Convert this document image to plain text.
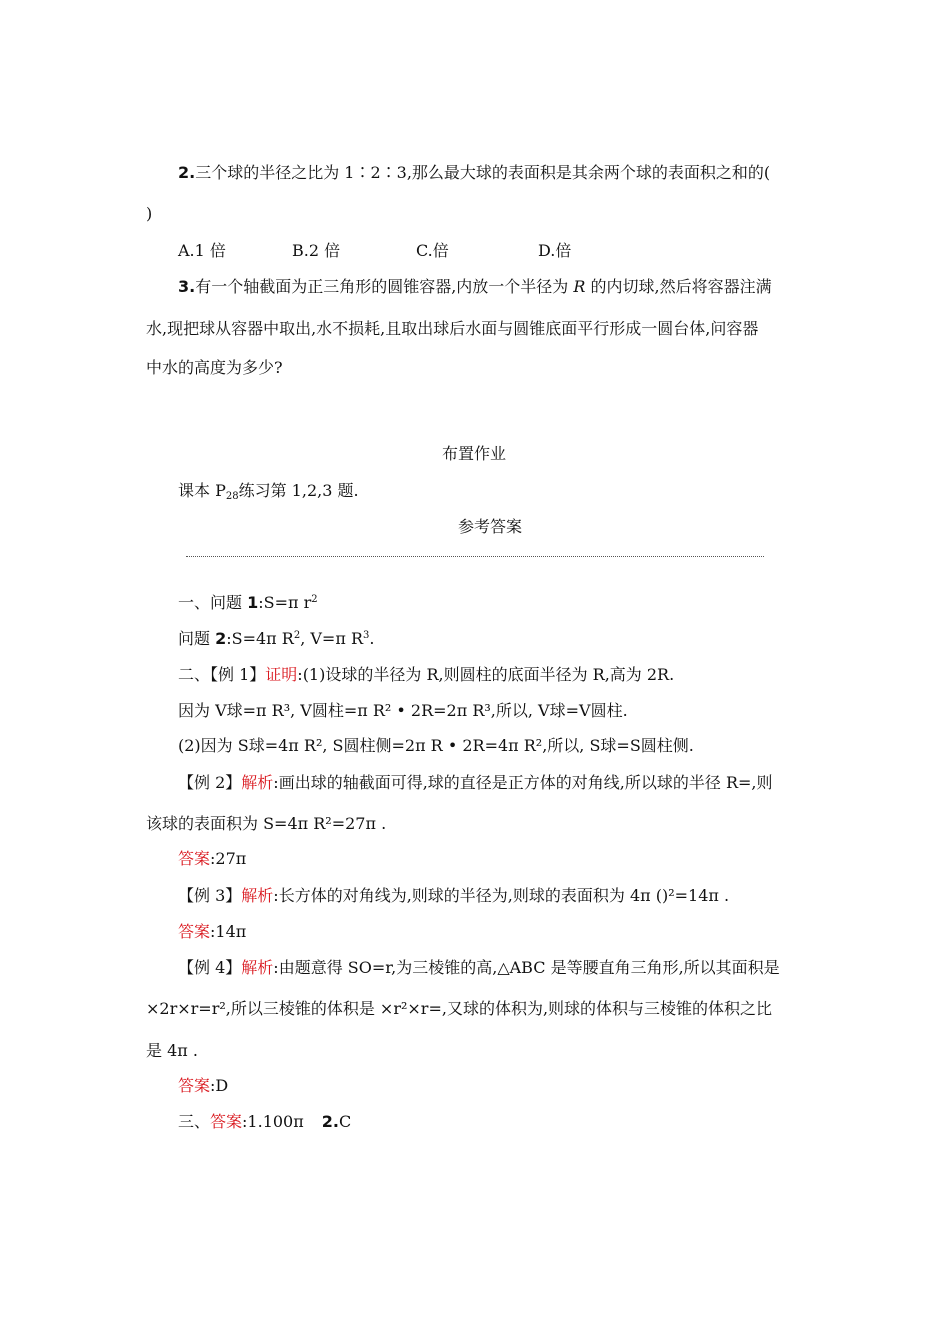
2.三个球的半径之比为 1∶2∶3,那么最大球的表面积是其余两个球的表面积之和的(
)
A.1 倍	B.2 倍	C.倍	D.倍
3.有一个轴截面为正三角形的圆锥容器,内放一个半径为 R 的内切球,然后将容器注满
水,现把球从容器中取出,水不损耗,且取出球后水面与圆锥底面平行形成一圆台体,问容器
中水的高度为多少?
布置作业
课本 $P_{28}$练习第 1,2,3 题.
参考答案
一、问题 1:S=π $r^2$
问题 2:S=4π $R^2$, V=π $R^3$.
二、【例 1】证明:(1)设球的半径为 R,则圆柱的底面半径为 R,高为 2R.
因为 V球=π R³, V圆柱=π R² • 2R=2π R³,所以, V球=V圆柱.
(2)因为 S球=4π R², S圆柱侧=2π R • 2R=4π R²,所以, S球=S圆柱侧.
【例 2】解析:画出球的轴截面可得,球的直径是正方体的对角线,所以球的半径 R=,则
该球的表面积为 S=4π R²=27π .
答案:27π
【例 3】解析:长方体的对角线为,则球的半径为,则球的表面积为 4π ()²=14π .
答案:14π
【例 4】解析:由题意得 SO=r,为三棱锥的高,△ABC 是等腰直角三角形,所以其面积是
×2r×r=r²,所以三棱锥的体积是 ×r²×r=,又球的体积为,则球的体积与三棱锥的体积之比
是 4π .
答案:D
三、答案:1.100π 2.C
